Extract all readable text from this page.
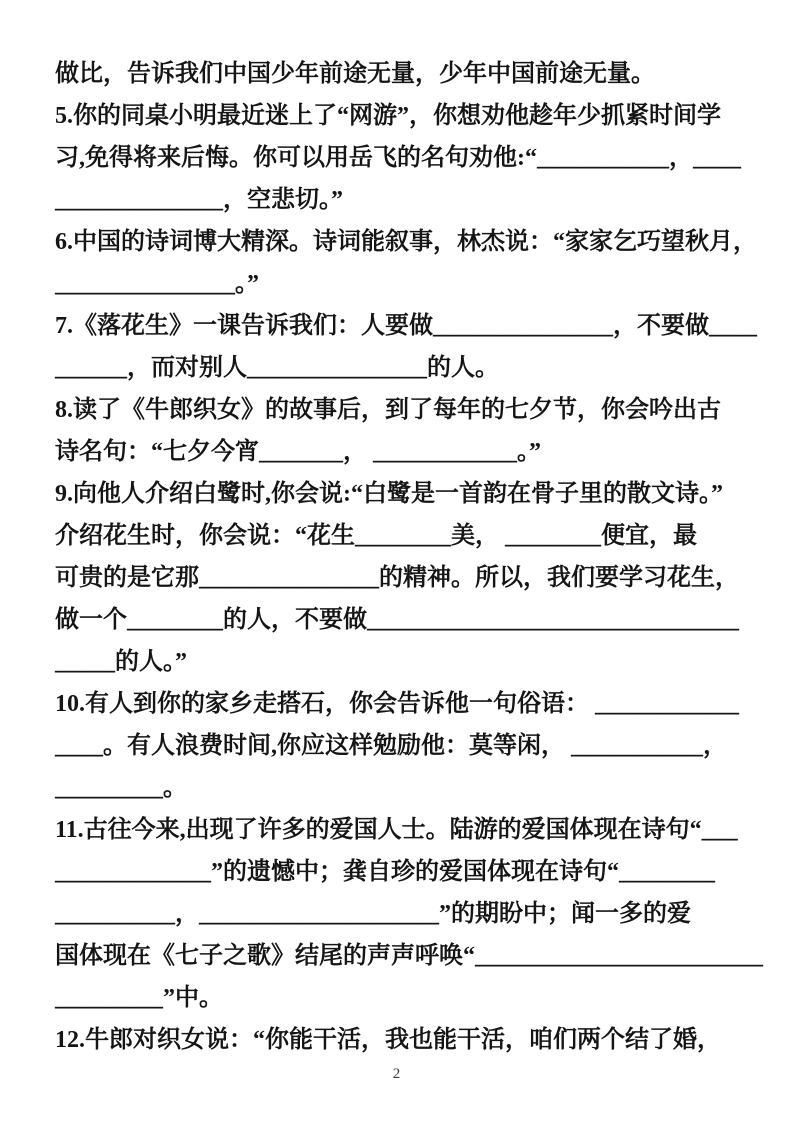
做比，告诉我们中国少年前途无量，少年中国前途无量。
5.你的同桌小明最近迷上了“网游”，你想劝他趁年少抓紧时间学
习,免得将来后悔。你可以用岳飞的名句劝他:“___________，____
______________，空悲切。”
6.中国的诗词博大精深。诗词能叙事，林杰说：“家家乞巧望秋月，
_______________。”
7.《落花生》一课告诉我们：人要做_______________，不要做____
______，而对别人_______________的人。
8.读了《牛郎织女》的故事后，到了每年的七夕节，你会吟出古
诗名句：“七夕今宵_______， ____________。”
9.向他人介绍白鹭时,你会说:“白鹭是一首韵在骨子里的散文诗。”
介绍花生时，你会说：“花生________美， ________便宜，最
可贵的是它那_______________的精神。所以，我们要学习花生，
做一个________的人，不要做_______________________________
_____的人。”
10.有人到你的家乡走搭石，你会告诉他一句俗语： ____________
____。有人浪费时间,你应这样勉励他：莫等闲， ___________，
_________。
11.古往今来,出现了许多的爱国人士。陆游的爱国体现在诗句“___
_____________”的遗憾中；龚自珍的爱国体现在诗句“________
__________，____________________”的期盼中；闻一多的爱
国体现在《七子之歌》结尾的声声呼唤“________________________
_________”中。
12.牛郎对织女说：“你能干活，我也能干活，咱们两个结了婚，
2
